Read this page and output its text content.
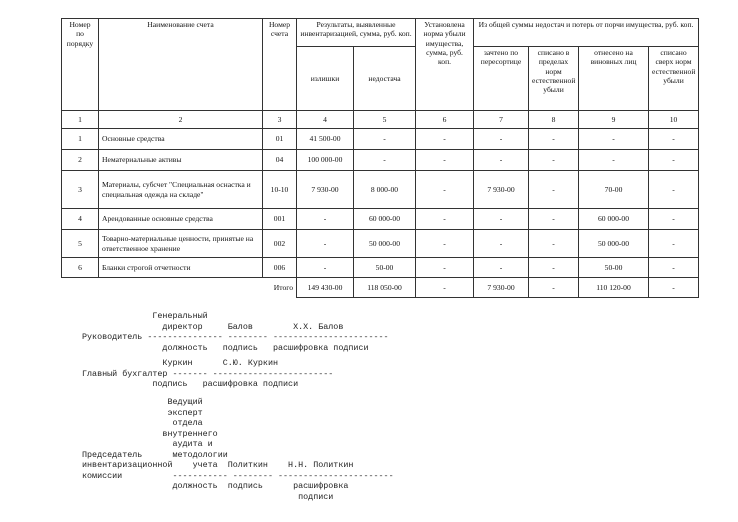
Номер по порядку	Наименование счета	Номер счета	Результаты, выявленные инвентаризацией, сумма, руб. коп.		Установлена норма убыли имущества, сумма, руб. коп.	Из общей суммы недостач и потерь от порчи имущества, руб. коп.			
			излишки	недостача		зачтено по пересортице	списано в пределах норм естественной убыли	отнесено на виновных лиц	списано сверх норм естественной убыли

1	2	3	4	5	6	7	8	9	10
1	Основные средства	01	41 500-00	-	-	-	-	-	-
2	Нематериальные активы	04	100 000-00	-	-	-	-	-	-
3	Материалы, субсчет "Специальная оснастка и специальная одежда на складе"	10-10	7 930-00	8 000-00	-	7 930-00	-	70-00	-
4	Арендованные основные средства	001	-	60 000-00	-	-	-	60 000-00	-
5	Товарно-материальные ценности, принятые на ответственное хранение	002	-	50 000-00	-	-	-	50 000-00	-
6	Бланки строгой отчетности	006	-	50-00	-	-	-	50-00	-
Итого			149 430-00	118 050-00	-	7 930-00	-	110 120-00	-
Генеральный
директор     Балов        Х.Х. Балов
Руководитель --------------- -------- -----------------------
должность   подпись   расшифровка подписи
Куркин      С.Ю. Куркин
Главный бухгалтер ------- ------------------------
подпись   расшифровка подписи
Ведущий
эксперт
отдела
внутреннего
аудита и
Председатель      методологии
инвентаризационной    учета  Политкин    Н.Н. Политкин
комиссии          ----------- -------- -----------------------
должность  подпись      расшифровка
подписи
